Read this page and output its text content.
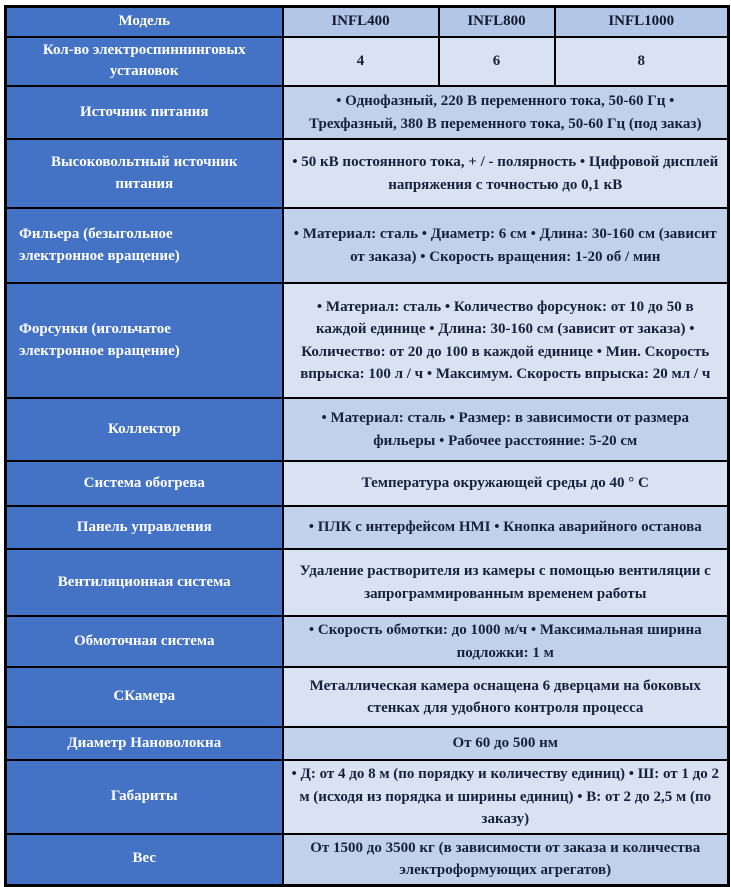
Модель	INFL400	INFL800	INFL1000
Кол-во электроспиннинговых установок	4	6	8
Источник питания	• Однофазный, 220 В переменного тока, 50-60 Гц • Трехфазный, 380 В переменного тока, 50-60 Гц (под заказ)		
Высоковольтный источник питания	• 50 кВ постоянного тока, + / - полярность • Цифровой дисплей напряжения с точностью до 0,1 кВ		
Фильера (безыгольное электронное вращение)	• Материал: сталь • Диаметр: 6 см • Длина: 30-160 см (зависит от заказа) • Скорость вращения: 1-20 об / мин		
Форсунки (игольчатое электронное вращение)	• Материал: сталь • Количество форсунок: от 10 до 50 в каждой единице • Длина: 30-160 см (зависит от заказа) • Количество: от 20 до 100 в каждой единице • Мин. Скорость впрыска: 100 л / ч • Максимум. Скорость впрыска: 20 мл / ч		
Коллектор	• Материал: сталь • Размер: в зависимости от размера фильеры • Рабочее расстояние: 5-20 см		
Система обогрева	Температура окружающей среды до 40 ° C		
Панель управления	• ПЛК с интерфейсом HMI • Кнопка аварийного останова		
Вентиляционная система	Удаление растворителя из камеры с помощью вентиляции с запрограммированным временем работы		
Обмоточная система	• Скорость обмотки: до 1000 м/ч • Максимальная ширина подложки: 1 м		
СКамера	Металлическая камера оснащена 6 дверцами на боковых стенках для удобного контроля процесса		
Диаметр Нановолокна	От 60 до 500 нм		
Габариты	• Д: от 4 до 8 м (по порядку и количеству единиц) • Ш: от 1 до 2 м (исходя из порядка и ширины единиц) • В: от 2 до 2,5 м (по заказу)		
Вес	От 1500 до 3500 кг (в зависимости от заказа и количества электроформующих агрегатов)		
